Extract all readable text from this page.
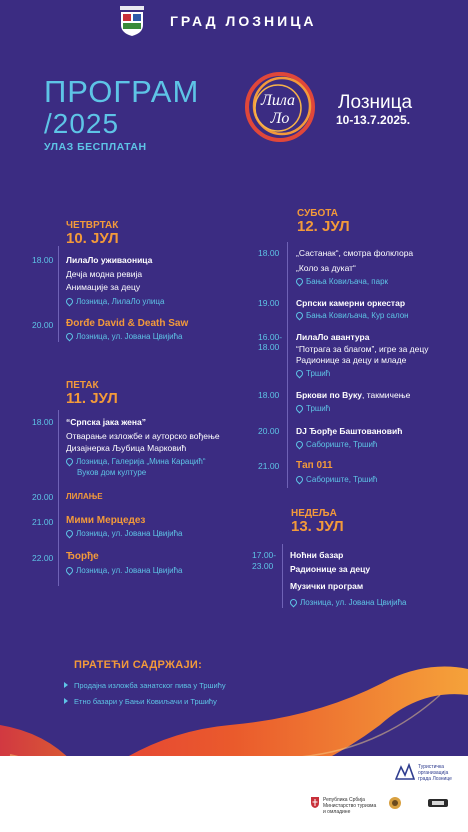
ГРАД ЛОЗНИЦА
ПРОГРАМ
/2025
УЛАЗ БЕСПЛАТАН
Лила
Ло
Лозница
10-13.7.2025.
ЧЕТВРТАК
10. ЈУЛ
18.00 ЛилаЛо уживаоница
Дечја модна ревија
Анимације за децу
Лозница, ЛилаЛо улица
20.00 Đorđe David & Death Saw
Лозница, ул. Јована Цвијића
ПЕТАК
11. ЈУЛ
18.00 “Српска јака жена”
Отварање изложбе и ауторско вођење
Дизајнерка Љубица Марковић
Лозница, Галерија „Мина Карацић“
Вуков дом културе
20.00 ЛИЛАЊЕ
21.00 Мими Мерцедез
Лозница, ул. Јована Цвијића
22.00 Ђорђе
Лозница, ул. Јована Цвијића
СУБОТА
12. ЈУЛ
18.00 „Састанак“, смотра фолклора
„Коло за дукат“
Бања Ковиљача, парк
19.00 Српски камерни оркестар
Бања Ковиљача, Кур салон
16.00-
18.00
ЛилаЛо авантура
“Потрага за благом”, игре за децу
Радионице за децу и младе
Тршић
18.00 Бркови по Вуку, такмичење
Тршић
20.00 DJ Ђорђе Баштовановић
Сабориште, Тршић
21.00 Tап 011
Сабориште, Тршић
НЕДЕЉА
13. ЈУЛ
17.00-
23.00
Ноћни базар
Радионице за децу
Музички програм
Лозница, ул. Јована Цвијића
ПРАТЕЋИ САДРЖАЈИ:
Продајна изложба занатског пива у Тршићу
Етно базари у Бањи Ковиљачи и Тршићу
Туристичка
организација
града Лознице
Република Србија
Министарство туризма
и омладине
